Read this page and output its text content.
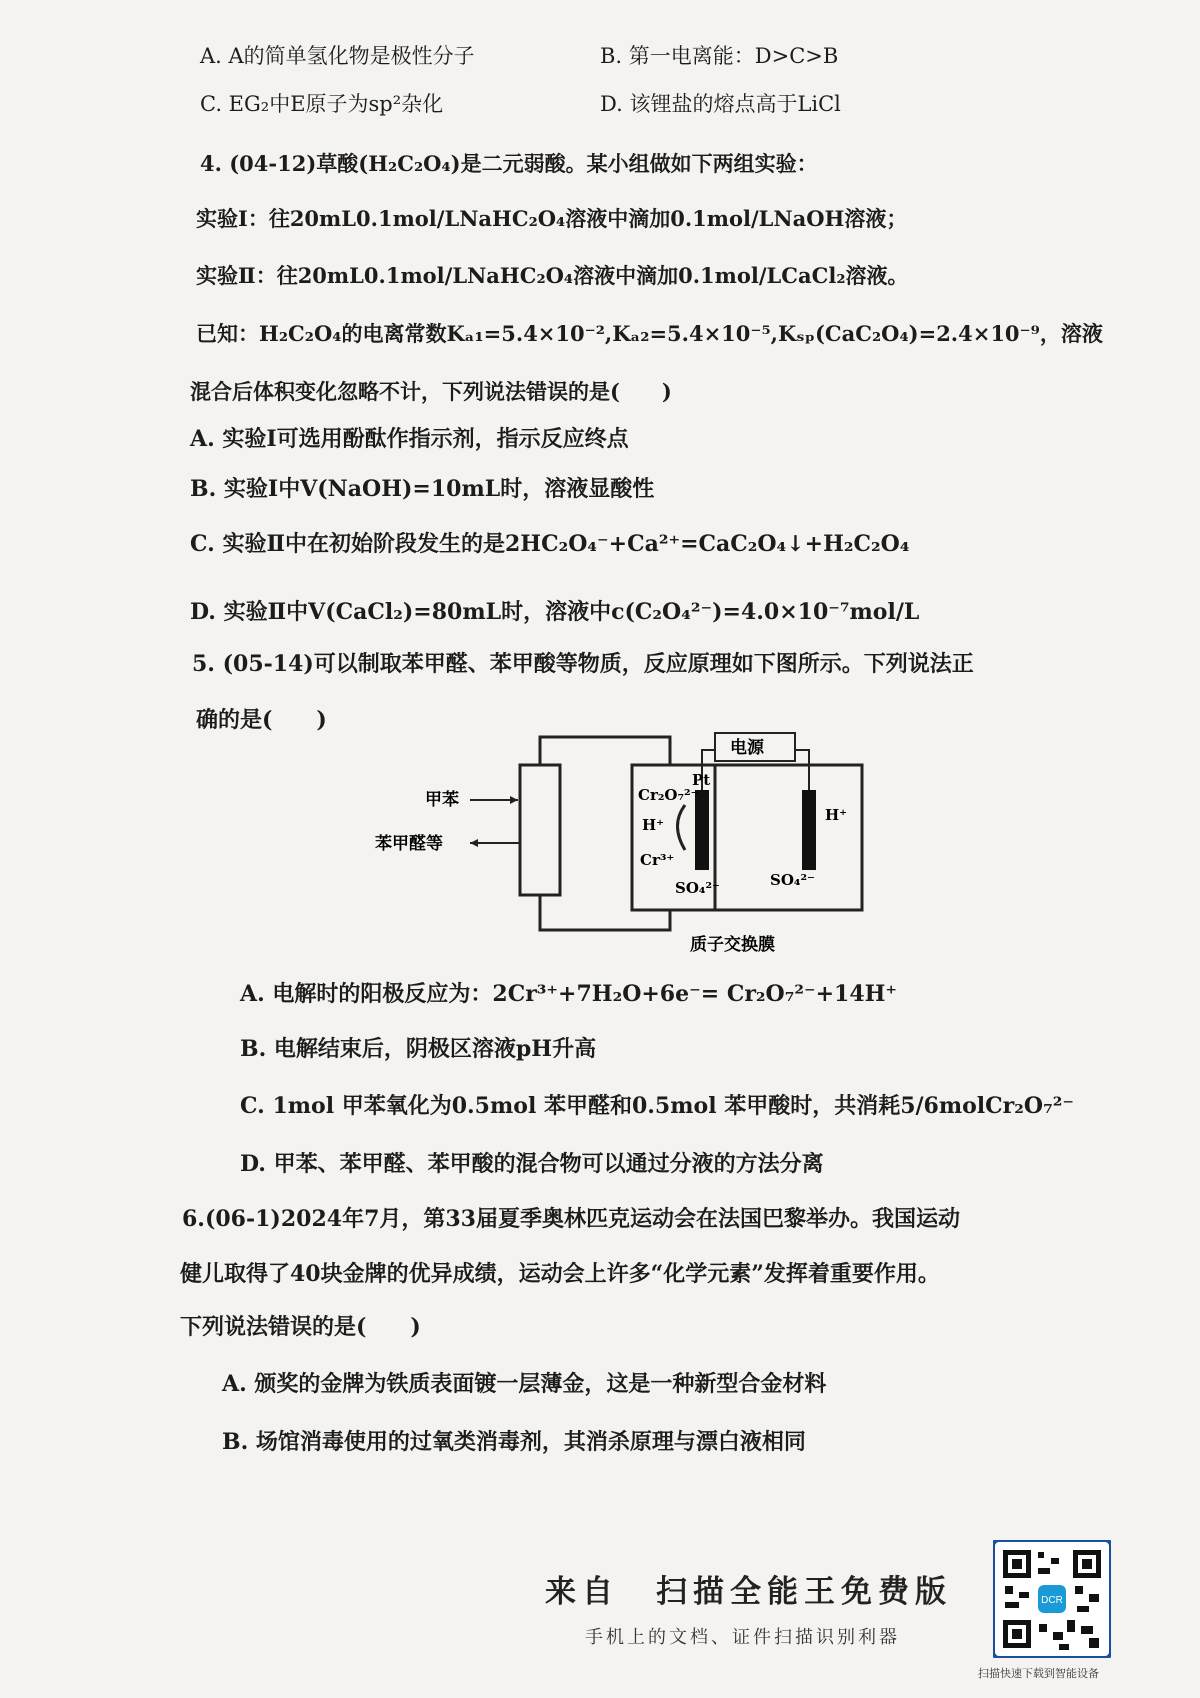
A. A的简单氢化物是极性分子	B. 第一电离能：D>C>B
C. EG₂中E原子为sp²杂化	D. 该锂盐的熔点高于LiCl
4. (04-12)草酸(H₂C₂O₄)是二元弱酸。某小组做如下两组实验：
实验Ⅰ：往20mL0.1mol/LNaHC₂O₄溶液中滴加0.1mol/LNaOH溶液；
实验Ⅱ：往20mL0.1mol/LNaHC₂O₄溶液中滴加0.1mol/LCaCl₂溶液。
已知：H₂C₂O₄的电离常数Kₐ₁=5.4×10⁻²,Kₐ₂=5.4×10⁻⁵,Kₛₚ(CaC₂O₄)=2.4×10⁻⁹，溶液
混合后体积变化忽略不计，下列说法错误的是(　　)
A. 实验Ⅰ可选用酚酞作指示剂，指示反应终点
B. 实验Ⅰ中V(NaOH)=10mL时，溶液显酸性
C. 实验Ⅱ中在初始阶段发生的是2HC₂O₄⁻+Ca²⁺=CaC₂O₄↓+H₂C₂O₄
D. 实验Ⅱ中V(CaCl₂)=80mL时，溶液中c(C₂O₄²⁻)=4.0×10⁻⁷mol/L
5. (05-14)可以制取苯甲醛、苯甲酸等物质，反应原理如下图所示。下列说法正
确的是(　　)
电源
Pt
甲苯
苯甲醛等
Cr₂O₇²⁻
H⁺
Cr³⁺
SO₄²⁻
H⁺
SO₄²⁻
质子交换膜
A. 电解时的阳极反应为：2Cr³⁺+7H₂O+6e⁻= Cr₂O₇²⁻+14H⁺
B. 电解结束后，阴极区溶液pH升高
C. 1mol 甲苯氧化为0.5mol 苯甲醛和0.5mol 苯甲酸时，共消耗5/6molCr₂O₇²⁻
D. 甲苯、苯甲醛、苯甲酸的混合物可以通过分液的方法分离
6.(06-1)2024年7月，第33届夏季奥林匹克运动会在法国巴黎举办。我国运动
健儿取得了40块金牌的优异成绩，运动会上许多“化学元素”发挥着重要作用。
下列说法错误的是(　　)
A. 颁奖的金牌为铁质表面镀一层薄金，这是一种新型合金材料
B. 场馆消毒使用的过氧类消毒剂，其消杀原理与漂白液相同
来自　扫描全能王免费版
手机上的文档、证件扫描识别利器
DCR
扫描快速下载到智能设备
